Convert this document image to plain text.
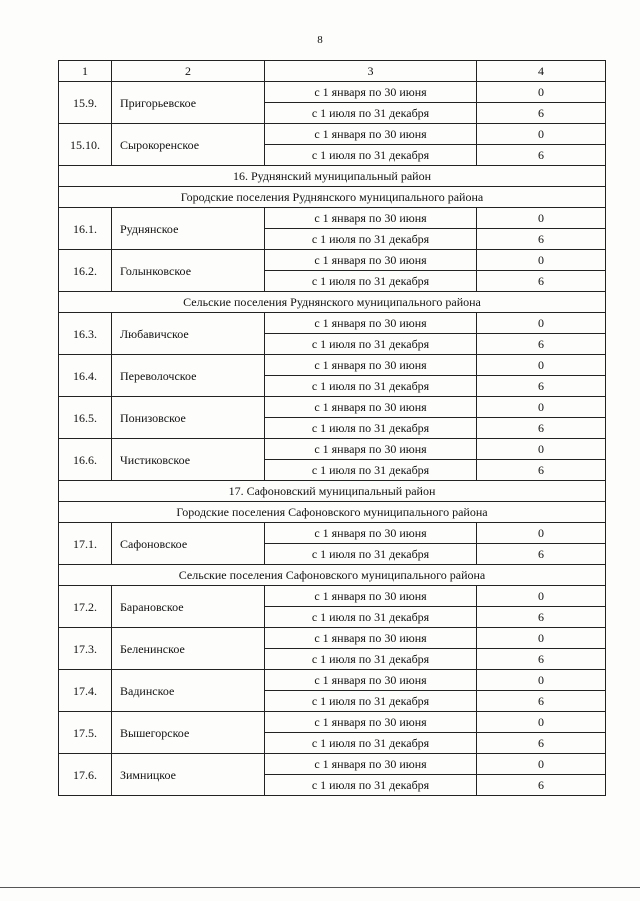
8
1	2	3	4
15.9.	Пригорьевское	с 1 января по 30 июня	0
		с 1 июля по 31 декабря	6
15.10.	Сырокоренское	с 1 января по 30 июня	0
		с 1 июля по 31 декабря	6
16. Руднянский муниципальный район			
Городские поселения Руднянского муниципального района			
16.1.	Руднянское	с 1 января по 30 июня	0
		с 1 июля по 31 декабря	6
16.2.	Голынковское	с 1 января по 30 июня	0
		с 1 июля по 31 декабря	6
Сельские поселения Руднянского муниципального района			
16.3.	Любавичское	с 1 января по 30 июня	0
		с 1 июля по 31 декабря	6
16.4.	Переволочское	с 1 января по 30 июня	0
		с 1 июля по 31 декабря	6
16.5.	Понизовское	с 1 января по 30 июня	0
		с 1 июля по 31 декабря	6
16.6.	Чистиковское	с 1 января по 30 июня	0
		с 1 июля по 31 декабря	6
17. Сафоновский муниципальный район			
Городские поселения Сафоновского муниципального района			
17.1.	Сафоновское	с 1 января по 30 июня	0
		с 1 июля по 31 декабря	6
Сельские поселения Сафоновского муниципального района			
17.2.	Барановское	с 1 января по 30 июня	0
		с 1 июля по 31 декабря	6
17.3.	Беленинское	с 1 января по 30 июня	0
		с 1 июля по 31 декабря	6
17.4.	Вадинское	с 1 января по 30 июня	0
		с 1 июля по 31 декабря	6
17.5.	Вышегорское	с 1 января по 30 июня	0
		с 1 июля по 31 декабря	6
17.6.	Зимницкое	с 1 января по 30 июня	0
		с 1 июля по 31 декабря	6
